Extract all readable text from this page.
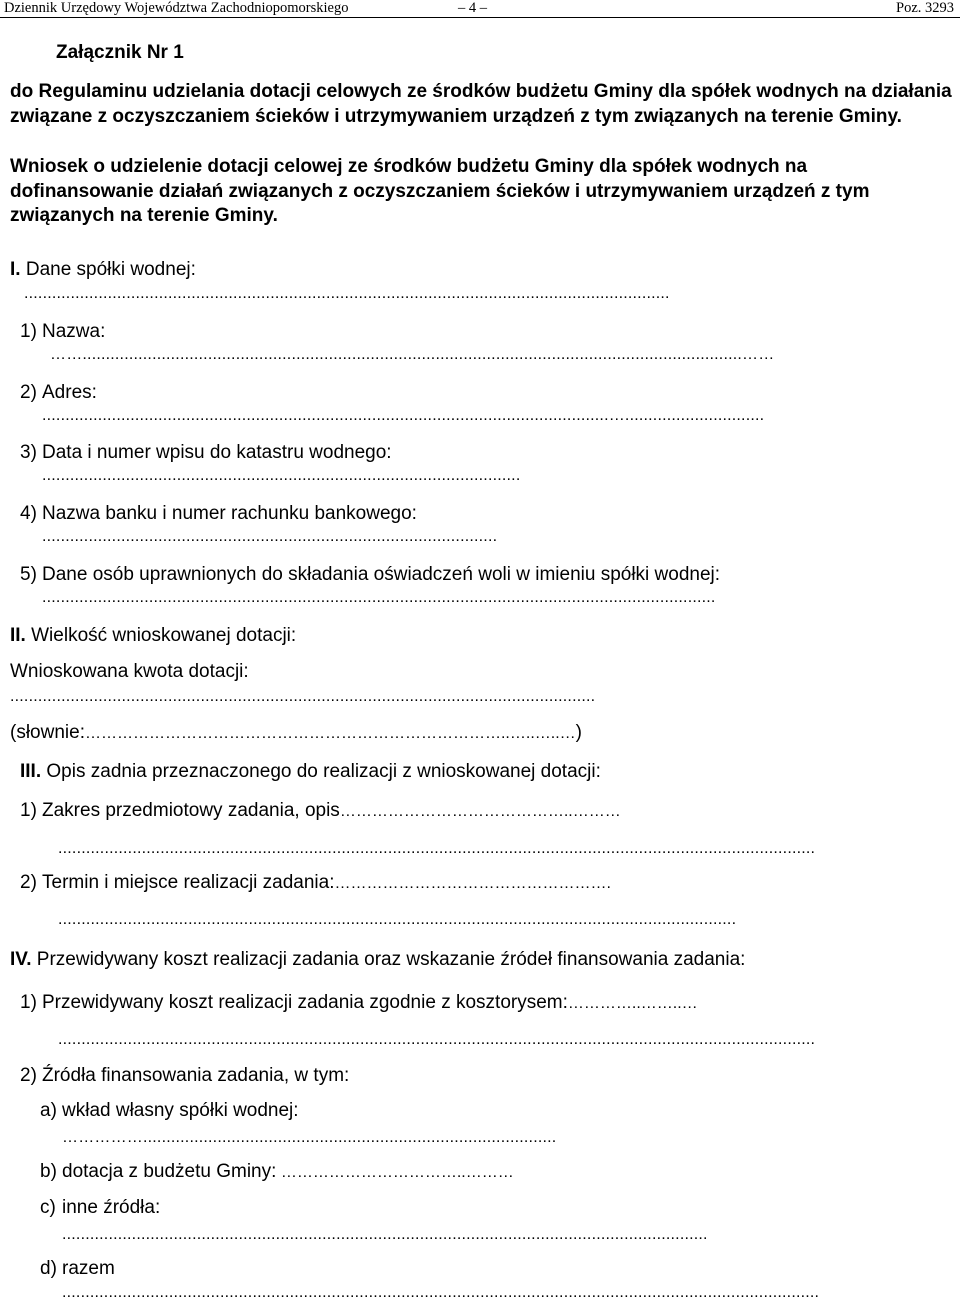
Dziennik Urzędowy Województwa Zachodniopomorskiego	– 4 –	Poz. 3293
Załącznik Nr 1
do Regulaminu udzielania dotacji celowych ze środków budżetu Gminy dla spółek wodnych na działania związane z oczyszczaniem ścieków i utrzymywaniem urządzeń z tym związanych na terenie Gminy.
Wniosek o udzielenie dotacji celowej ze środków budżetu Gminy dla spółek wodnych na dofinansowanie działań związanych z oczyszczaniem ścieków i utrzymywaniem urządzeń z tym związanych na terenie Gminy.
I. Dane spółki wodnej:
...........................................................................................................................................
1) Nazwa:
……..............................................................................................................................................……
2) Adres:
..........................................................................................................................…..............................
3) Data i numer wpisu do katastru wodnego:
.......................................................................................................
4) Nazwa banku i numer rachunku bankowego:
..................................................................................................
5) Dane osób uprawnionych do składania oświadczeń woli w imieniu spółki wodnej:
.................................................................................................................................................
II. Wielkość wnioskowanej dotacji:
Wnioskowana kwota dotacji:
..............................................................................................................................
(słownie:……………………………………………………………………..…..…..…)
III. Opis zadnia przeznaczonego do realizacji z wnioskowanej dotacji:
1) Zakres przedmiotowy zadania, opis……………………………………..………
...................................................................................................................................................................
2) Termin i miejsce realizacji zadania:…………………………………………….
..................................................................................................................................................
IV. Przewidywany koszt realizacji zadania oraz wskazanie źródeł finansowania zadania:
1) Przewidywany koszt realizacji zadania zgodnie z kosztorysem:…………..……..…
...................................................................................................................................................................
2) Źródła finansowania zadania, w tym:
a) wkład własny spółki wodnej:
…………….........................................................................................
b) dotacja z budżetu Gminy: ……………………………..………
c) inne źródła:
...........................................................................................................................................
d) razem
...................................................................................................................................................................
